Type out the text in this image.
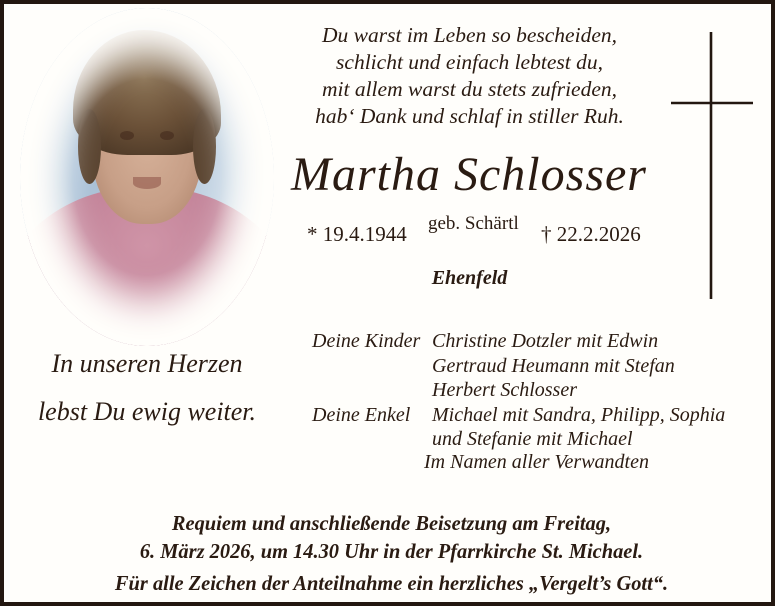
Du warst im Leben so bescheiden,
schlicht und einfach lebtest du,
mit allem warst du stets zufrieden,
hab‘ Dank und schlaf in stiller Ruh.
Martha Schlosser
* 19.4.1944 geb. Schärtl † 22.2.2026
Ehenfeld
In unseren Herzen
lebst Du ewig weiter.
Deine Kinder Christine Dotzler mit Edwin
Gertraud Heumann mit Stefan
Herbert Schlosser
Deine Enkel	Michael mit Sandra, Philipp, Sophia
und Stefanie mit Michael
Im Namen aller Verwandten
Requiem und anschließende Beisetzung am Freitag,
6. März 2026, um 14.30 Uhr in der Pfarrkirche St. Michael.
Für alle Zeichen der Anteilnahme ein herzliches „Vergelt’s Gott“.
